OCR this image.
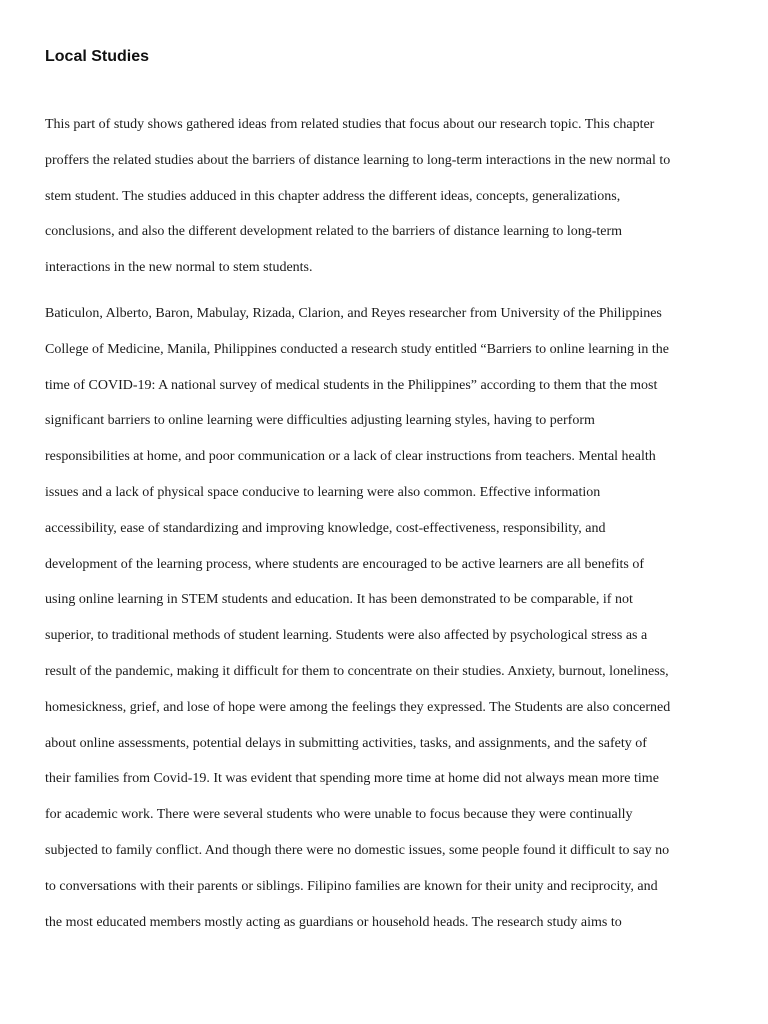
Local Studies
This part of study shows gathered ideas from related studies that focus about our research topic. This chapter
proffers the related studies about the barriers of distance learning to long-term interactions in the new normal to
stem student. The studies adduced in this chapter address the different ideas, concepts, generalizations,
conclusions, and also the different development related to the barriers of distance learning to long-term
interactions in the new normal to stem students.
Baticulon, Alberto, Baron, Mabulay, Rizada, Clarion, and Reyes researcher from University of the Philippines
College of Medicine, Manila, Philippines conducted a research study entitled “Barriers to online learning in the
time of COVID-19: A national survey of medical students in the Philippines” according to them that the most
significant barriers to online learning were difficulties adjusting learning styles, having to perform
responsibilities at home, and poor communication or a lack of clear instructions from teachers. Mental health
issues and a lack of physical space conducive to learning were also common. Effective information
accessibility, ease of standardizing and improving knowledge, cost-effectiveness, responsibility, and
development of the learning process, where students are encouraged to be active learners are all benefits of
using online learning in STEM students and education. It has been demonstrated to be comparable, if not
superior, to traditional methods of student learning. Students were also affected by psychological stress as a
result of the pandemic, making it difficult for them to concentrate on their studies. Anxiety, burnout, loneliness,
homesickness, grief, and lose of hope were among the feelings they expressed. The Students are also concerned
about online assessments, potential delays in submitting activities, tasks, and assignments, and the safety of
their families from Covid-19. It was evident that spending more time at home did not always mean more time
for academic work. There were several students who were unable to focus because they were continually
subjected to family conflict. And though there were no domestic issues, some people found it difficult to say no
to conversations with their parents or siblings. Filipino families are known for their unity and reciprocity, and
the most educated members mostly acting as guardians or household heads. The research study aims to
